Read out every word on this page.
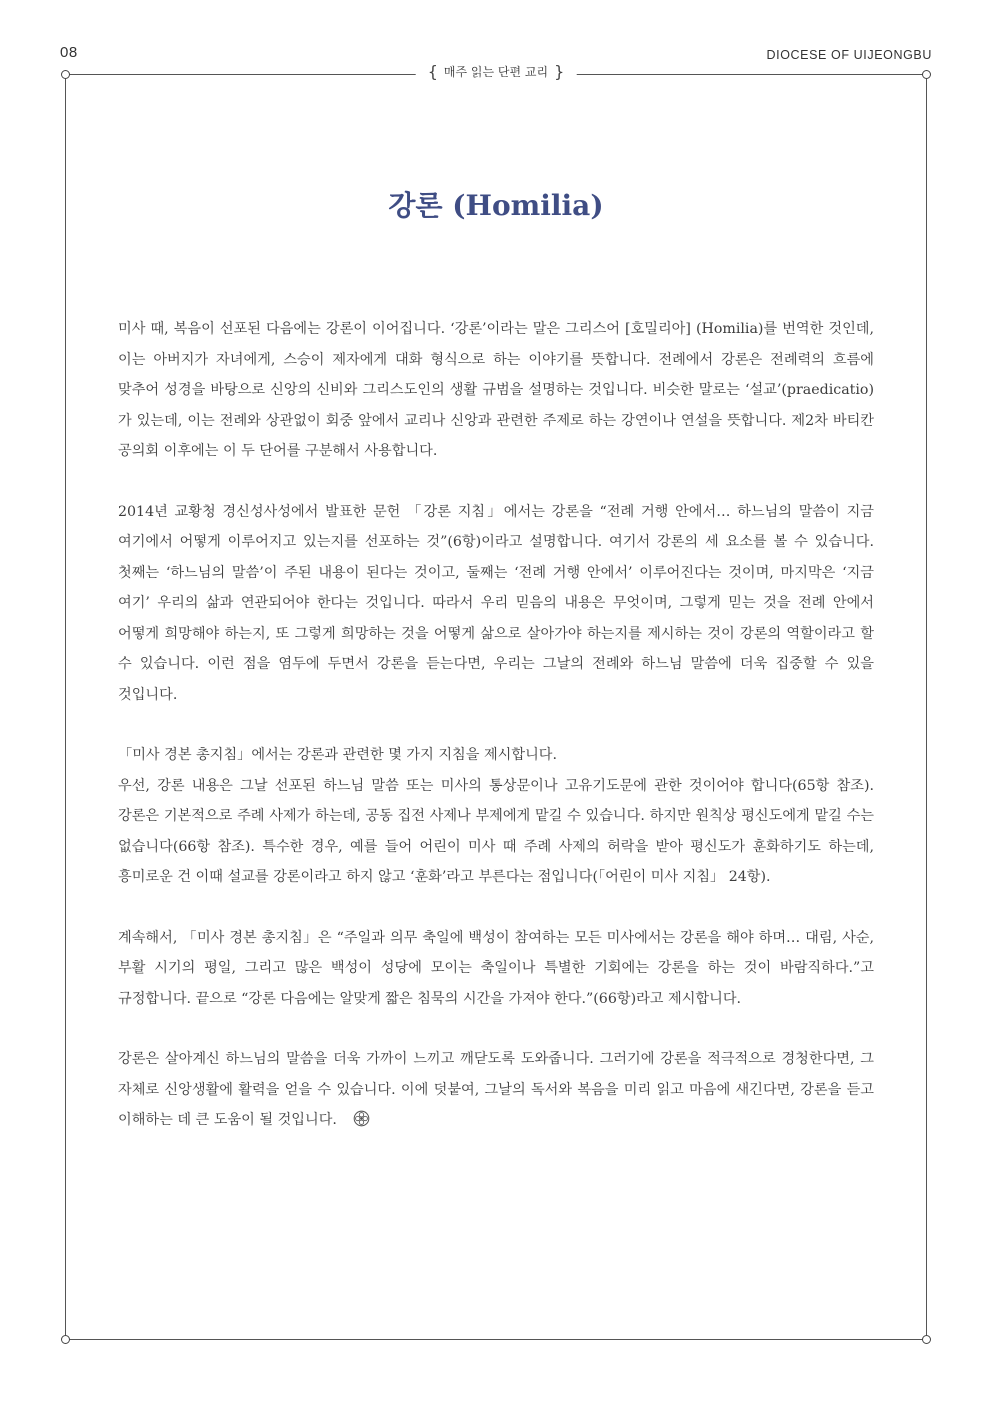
08	DIOCESE OF UIJEONGBU
{ 매주 읽는 단편 교리 }
강론 (Homilia)

미사 때, 복음이 선포된 다음에는 강론이 이어집니다. ‘강론’이라는 말은 그리스어 [호밀리아] (Homilia)를 번역한 것인데, 이는 아버지가 자녀에게, 스승이 제자에게 대화 형식으로 하는 이야기를 뜻합니다. 전례에서 강론은 전례력의 흐름에 맞추어 성경을 바탕으로 신앙의 신비와 그리스도인의 생활 규범을 설명하는 것입니다. 비슷한 말로는 ‘설교’(praedicatio)가 있는데, 이는 전례와 상관없이 회중 앞에서 교리나 신앙과 관련한 주제로 하는 강연이나 연설을 뜻합니다. 제2차 바티칸 공의회 이후에는 이 두 단어를 구분해서 사용합니다.

2014년 교황청 경신성사성에서 발표한 문헌 「강론 지침」에서는 강론을 “전례 거행 안에서… 하느님의 말씀이 지금 여기에서 어떻게 이루어지고 있는지를 선포하는 것”(6항)이라고 설명합니다. 여기서 강론의 세 요소를 볼 수 있습니다. 첫째는 ‘하느님의 말씀’이 주된 내용이 된다는 것이고, 둘째는 ‘전례 거행 안에서’ 이루어진다는 것이며, 마지막은 ‘지금 여기’ 우리의 삶과 연관되어야 한다는 것입니다. 따라서 우리 믿음의 내용은 무엇이며, 그렇게 믿는 것을 전례 안에서 어떻게 희망해야 하는지, 또 그렇게 희망하는 것을 어떻게 삶으로 살아가야 하는지를 제시하는 것이 강론의 역할이라고 할 수 있습니다. 이런 점을 염두에 두면서 강론을 듣는다면, 우리는 그날의 전례와 하느님 말씀에 더욱 집중할 수 있을 것입니다.

「미사 경본 총지침」에서는 강론과 관련한 몇 가지 지침을 제시합니다.

우선, 강론 내용은 그날 선포된 하느님 말씀 또는 미사의 통상문이나 고유기도문에 관한 것이어야 합니다(65항 참조). 강론은 기본적으로 주례 사제가 하는데, 공동 집전 사제나 부제에게 맡길 수 있습니다. 하지만 원칙상 평신도에게 맡길 수는 없습니다(66항 참조). 특수한 경우, 예를 들어 어린이 미사 때 주례 사제의 허락을 받아 평신도가 훈화하기도 하는데, 흥미로운 건 이때 설교를 강론이라고 하지 않고 ‘훈화’라고 부른다는 점입니다(「어린이 미사 지침」 24항).

계속해서, 「미사 경본 총지침」은 “주일과 의무 축일에 백성이 참여하는 모든 미사에서는 강론을 해야 하며… 대림, 사순, 부활 시기의 평일, 그리고 많은 백성이 성당에 모이는 축일이나 특별한 기회에는 강론을 하는 것이 바람직하다.”고 규정합니다. 끝으로 “강론 다음에는 알맞게 짧은 침묵의 시간을 가져야 한다.”(66항)라고 제시합니다.

강론은 살아계신 하느님의 말씀을 더욱 가까이 느끼고 깨닫도록 도와줍니다. 그러기에 강론을 적극적으로 경청한다면, 그 자체로 신앙생활에 활력을 얻을 수 있습니다. 이에 덧붙여, 그날의 독서와 복음을 미리 읽고 마음에 새긴다면, 강론을 듣고 이해하는 데 큰 도움이 될 것입니다.
